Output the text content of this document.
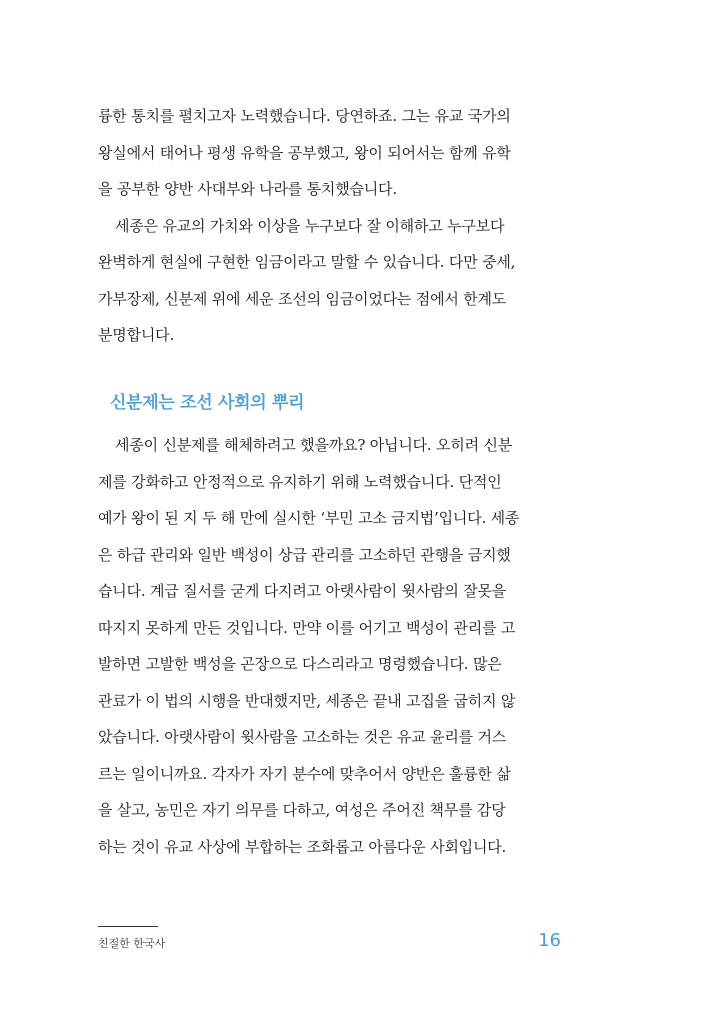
륭한 통치를 펼치고자 노력했습니다. 당연하죠. 그는 유교 국가의
왕실에서 태어나 평생 유학을 공부했고, 왕이 되어서는 함께 유학
을 공부한 양반 사대부와 나라를 통치했습니다.

세종은 유교의 가치와 이상을 누구보다 잘 이해하고 누구보다
완벽하게 현실에 구현한 임금이라고 말할 수 있습니다. 다만 중세,
가부장제, 신분제 위에 세운 조선의 임금이었다는 점에서 한계도
분명합니다.

신분제는 조선 사회의 뿌리

세종이 신분제를 해체하려고 했을까요? 아닙니다. 오히려 신분
제를 강화하고 안정적으로 유지하기 위해 노력했습니다. 단적인
예가 왕이 된 지 두 해 만에 실시한 ‘부민 고소 금지법’입니다. 세종
은 하급 관리와 일반 백성이 상급 관리를 고소하던 관행을 금지했
습니다. 계급 질서를 굳게 다지려고 아랫사람이 윗사람의 잘못을
따지지 못하게 만든 것입니다. 만약 이를 어기고 백성이 관리를 고
발하면 고발한 백성을 곤장으로 다스리라고 명령했습니다. 많은
관료가 이 법의 시행을 반대했지만, 세종은 끝내 고집을 굽히지 않
았습니다. 아랫사람이 윗사람을 고소하는 것은 유교 윤리를 거스
르는 일이니까요. 각자가 자기 분수에 맞추어서 양반은 훌륭한 삶
을 살고, 농민은 자기 의무를 다하고, 여성은 주어진 책무를 감당
하는 것이 유교 사상에 부합하는 조화롭고 아름다운 사회입니다.

친절한 한국사	16
